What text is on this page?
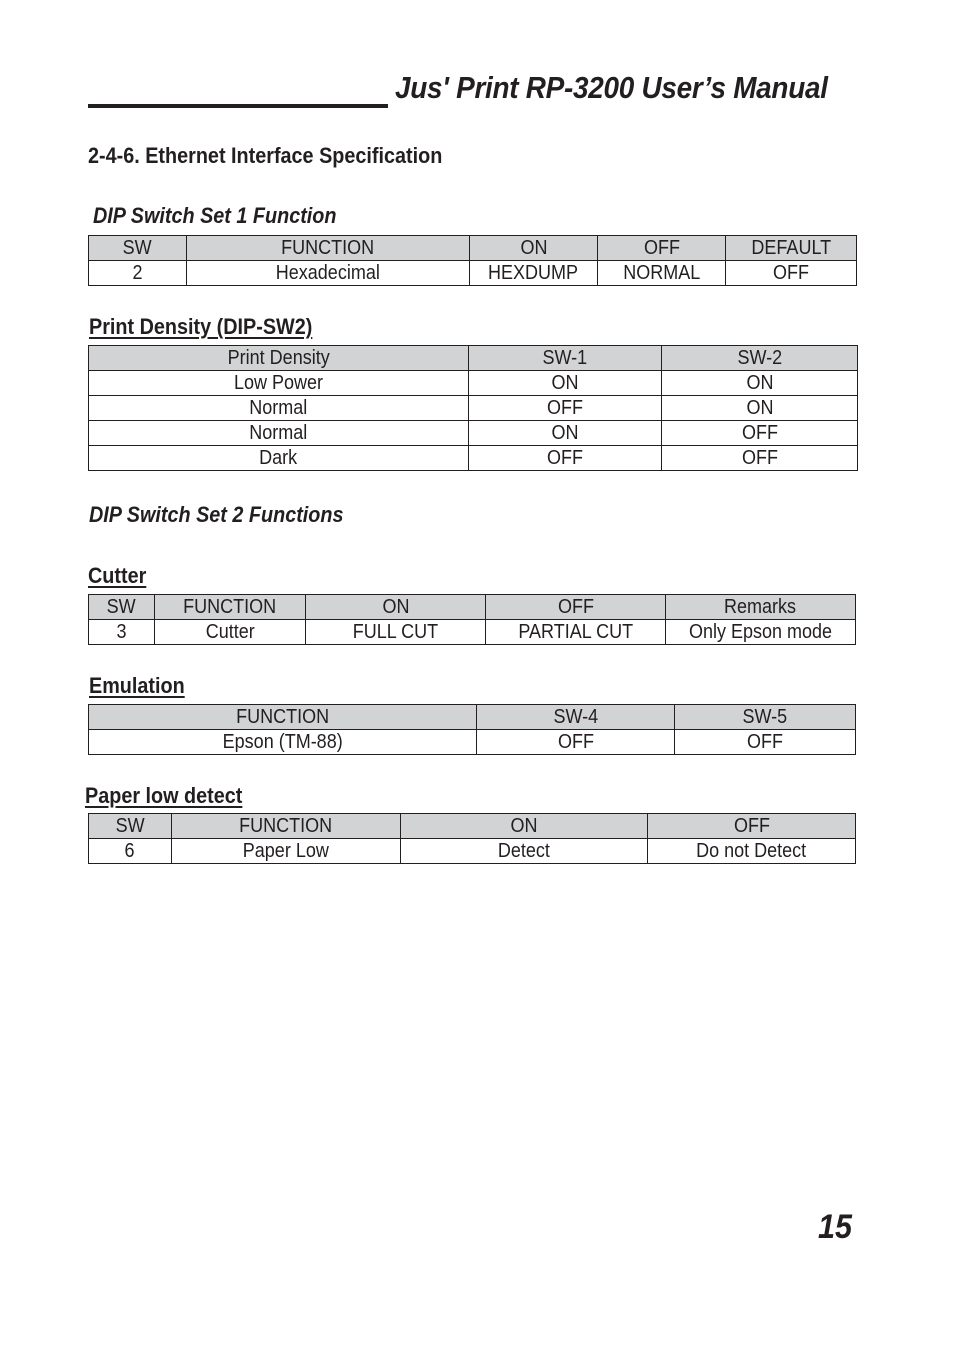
Jus' Print RP-3200 User’s Manual
2-4-6. Ethernet Interface Specification
DIP Switch Set 1 Function
SW	FUNCTION	ON	OFF	DEFAULT
2	Hexadecimal	HEXDUMP	NORMAL	OFF
Print Density (DIP-SW2)
Print Density	SW-1	SW-2
Low Power	ON	ON
Normal	OFF	ON
Normal	ON	OFF
Dark	OFF	OFF
DIP Switch Set 2 Functions
Cutter
SW	FUNCTION	ON	OFF	Remarks
3	Cutter	FULL CUT	PARTIAL CUT	Only Epson mode
Emulation
FUNCTION	SW-4	SW-5
Epson (TM-88)	OFF	OFF
Paper low detect
SW	FUNCTION	ON	OFF
6	Paper Low	Detect	Do not Detect
15
